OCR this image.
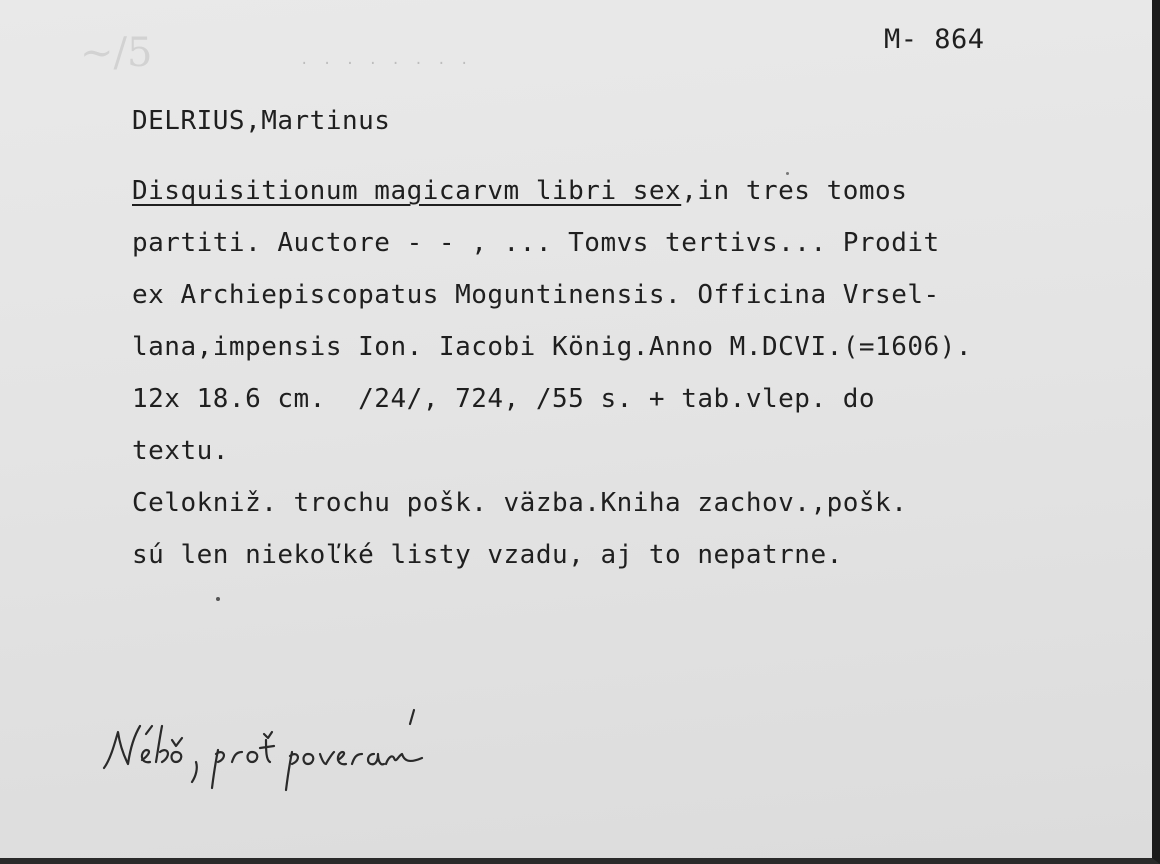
~/5	· · · · · · · ·
M- 864
DELRIUS,Martinus
Disquisitionum magicarvm libri sex,in tres tomos
partiti. Auctore - - , ... Tomvs tertivs... Prodit
ex Archiepiscopatus Moguntinensis. Officina Vrsel-
lana,impensis Ion. Iacobi König.Anno M.DCVI.(=1606).
12x 18.6 cm.  /24/, 724, /55 s. + tab.vlep. do
textu.
Celokniž. trochu pošk. väzba.Kniha zachov.,pošk.
sú len niekoľké listy vzadu, aj to nepatrne.
